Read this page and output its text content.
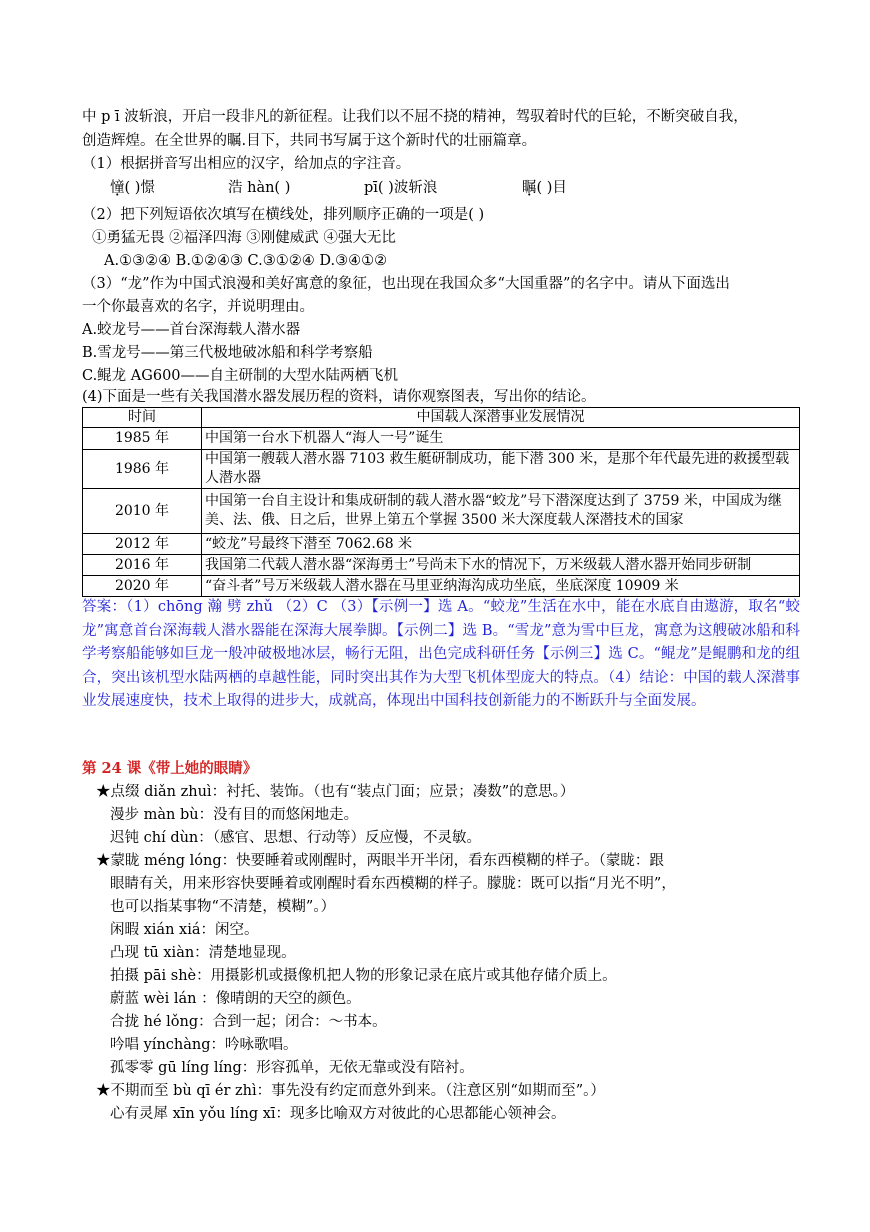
中 p ī 波斩浪，开启一段非凡的新征程。让我们以不屈不挠的精神，驾驭着时代的巨轮，不断突破自我，
创造辉煌。在全世界的瞩.目下，共同书写属于这个新时代的壮丽篇章。
（1）根据拼音写出相应的汉字，给加点的字注音。
憧( )憬	浩 hàn( )	pī( )波斩浪	瞩( )目
（2）把下列短语依次填写在横线处，排列顺序正确的一项是( )
①勇猛无畏 ②福泽四海 ③刚健威武 ④强大无比
A.①③②④ B.①②④③ C.③①②④ D.③④①②
（3）“龙”作为中国式浪漫和美好寓意的象征，也出现在我国众多“大国重器”的名字中。请从下面选出
一个你最喜欢的名字，并说明理由。
A.蛟龙号——首台深海载人潜水器
B.雪龙号——第三代极地破冰船和科学考察船
C.鲲龙 AG600——自主研制的大型水陆两栖飞机
(4)下面是一些有关我国潜水器发展历程的资料，请你观察图表，写出你的结论。
时间	中国载人深潜事业发展情况
1985 年	中国第一台水下机器人“海人一号”诞生
1986 年	中国第一艘载人潜水器 7103 救生艇研制成功，能下潜 300 米，是那个年代最先进的救援型载人潜水器
2010 年	中国第一台自主设计和集成研制的载人潜水器“蛟龙”号下潜深度达到了 3759 米，中国成为继美、法、俄、日之后，世界上第五个掌握 3500 米大深度载人深潜技术的国家
2012 年	“蛟龙”号最终下潜至 7062.68 米
2016 年	我国第二代载人潜水器“深海勇士”号尚未下水的情况下，万米级载人潜水器开始同步研制
2020 年	“奋斗者”号万米级载人潜水器在马里亚纳海沟成功坐底，坐底深度 10909 米
答案：（1）chōng 瀚 劈 zhǔ （2）C （3）【示例一】选 A。“蛟龙”生活在水中，能在水底自由遨游，取名“蛟龙”寓意首台深海载人潜水器能在深海大展拳脚。【示例二】选 B。“雪龙”意为雪中巨龙，寓意为这艘破冰船和科学考察船能够如巨龙一般冲破极地冰层，畅行无阻，出色完成科研任务【示例三】选 C。“鲲龙”是鲲鹏和龙的组合，突出该机型水陆两栖的卓越性能，同时突出其作为大型飞机体型庞大的特点。（4）结论：中国的载人深潜事业发展速度快，技术上取得的进步大，成就高，体现出中国科技创新能力的不断跃升与全面发展。
第 24 课《带上她的眼睛》
★点缀 diǎn zhuì：衬托、装饰。（也有“装点门面；应景；凑数”的意思。）
漫步 màn bù：没有目的而悠闲地走。
迟钝 chí dùn：（感官、思想、行动等）反应慢，不灵敏。
★蒙眬 méng lóng：快要睡着或刚醒时，两眼半开半闭，看东西模糊的样子。（蒙眬：跟
眼睛有关，用来形容快要睡着或刚醒时看东西模糊的样子。朦胧：既可以指“月光不明”，
也可以指某事物“不清楚，模糊”。）
闲暇 xián xiá：闲空。
凸现 tū xiàn：清楚地显现。
拍摄 pāi shè：用摄影机或摄像机把人物的形象记录在底片或其他存储介质上。
蔚蓝 wèi lán ：像晴朗的天空的颜色。
合拢 hé lǒng：合到一起；闭合：～书本。
吟唱 yínchàng：吟咏歌唱。
孤零零 gū líng líng：形容孤单，无依无靠或没有陪衬。
★不期而至 bù qī ér zhì：事先没有约定而意外到来。（注意区别“如期而至”。）
心有灵犀 xīn yǒu líng xī：现多比喻双方对彼此的心思都能心领神会。
